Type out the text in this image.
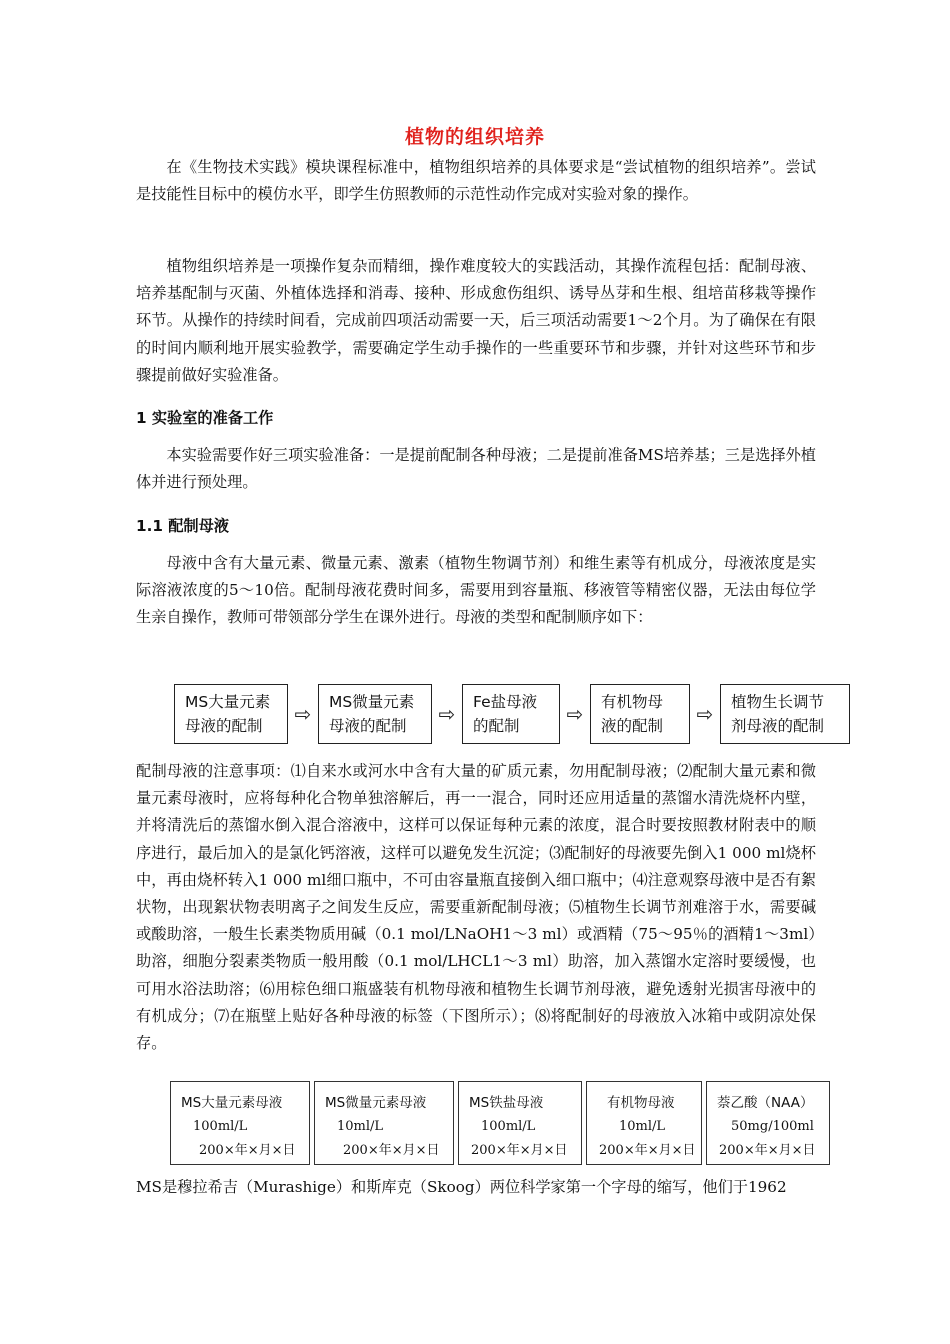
植物的组织培养

在《生物技术实践》模块课程标准中，植物组织培养的具体要求是“尝试植物的组织培养”。尝试是技能性目标中的模仿水平，即学生仿照教师的示范性动作完成对实验对象的操作。

植物组织培养是一项操作复杂而精细，操作难度较大的实践活动，其操作流程包括：配制母液、培养基配制与灭菌、外植体选择和消毒、接种、形成愈伤组织、诱导丛芽和生根、组培苗移栽等操作环节。从操作的持续时间看，完成前四项活动需要一天，后三项活动需要1～2个月。为了确保在有限的时间内顺利地开展实验教学，需要确定学生动手操作的一些重要环节和步骤，并针对这些环节和步骤提前做好实验准备。

1 实验室的准备工作

本实验需要作好三项实验准备：一是提前配制各种母液；二是提前准备MS培养基；三是选择外植体并进行预处理。

1.1 配制母液

母液中含有大量元素、微量元素、激素（植物生物调节剂）和维生素等有机成分，母液浓度是实际溶液浓度的5～10倍。配制母液花费时间多，需要用到容量瓶、移液管等精密仪器，无法由每位学生亲自操作，教师可带领部分学生在课外进行。母液的类型和配制顺序如下：

MS大量元素
母液的配制	⇨	MS微量元素
母液的配制	⇨	Fe盐母液
的配制	⇨	有机物母
液的配制	⇨	植物生长调节
剂母液的配制

配制母液的注意事项：⑴自来水或河水中含有大量的矿质元素，勿用配制母液；⑵配制大量元素和微量元素母液时，应将每种化合物单独溶解后，再一一混合，同时还应用适量的蒸馏水清洗烧杯内壁，并将清洗后的蒸馏水倒入混合溶液中，这样可以保证每种元素的浓度，混合时要按照教材附表中的顺序进行，最后加入的是氯化钙溶液，这样可以避免发生沉淀；⑶配制好的母液要先倒入1 000 ml烧杯中，再由烧杯转入1 000 ml细口瓶中，不可由容量瓶直接倒入细口瓶中；⑷注意观察母液中是否有絮状物，出现絮状物表明离子之间发生反应，需要重新配制母液；⑸植物生长调节剂难溶于水，需要碱或酸助溶，一般生长素类物质用碱（0.1 mol/LNaOH1～3 ml）或酒精（75～95％的酒精1～3ml）助溶，细胞分裂素类物质一般用酸（0.1 mol/LHCL1～3 ml）助溶，加入蒸馏水定溶时要缓慢，也可用水浴法助溶；⑹用棕色细口瓶盛装有机物母液和植物生长调节剂母液，避免透射光损害母液中的有机成分；⑺在瓶壁上贴好各种母液的标签（下图所示）；⑻将配制好的母液放入冰箱中或阴凉处保存。

MS大量元素母液
100ml/L
200×年×月×日
MS微量元素母液
10ml/L
200×年×月×日
MS铁盐母液
100ml/L
200×年×月×日
有机物母液
10ml/L
200×年×月×日
萘乙酸（NAA）
50mg/100ml
200×年×月×日

MS是穆拉希吉（Murashige）和斯库克（Skoog）两位科学家第一个字母的缩写，他们于1962
